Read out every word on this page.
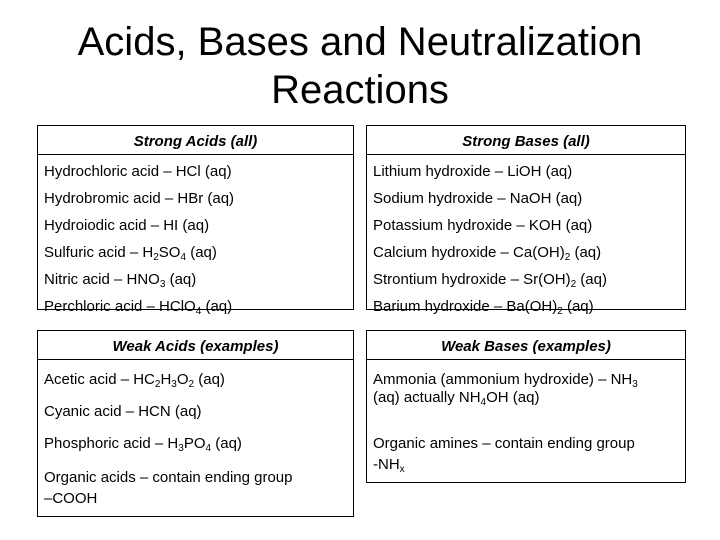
Acids, Bases and Neutralization
Reactions
Strong Acids (all)
Hydrochloric acid – HCl (aq)
Hydrobromic acid – HBr (aq)
Hydroiodic acid – HI (aq)
Sulfuric acid – $H_2SO_4$ (aq)
Nitric acid – $HNO_3$ (aq)
Perchloric acid – HClO$_4$ (aq)
Strong Bases (all)
Lithium hydroxide – LiOH (aq)
Sodium hydroxide – NaOH (aq)
Potassium hydroxide – KOH (aq)
Calcium hydroxide – $Ca(OH)_2$ (aq)
Strontium hydroxide – $Sr(OH)_2$ (aq)
Barium hydroxide – $Ba(OH)_2$ (aq)
Weak Acids (examples)
Acetic acid – $HC_2H_3O_2$ (aq)
Cyanic acid – HCN (aq)
Phosphoric acid – $H_3PO_4$ (aq)
Organic acids – contain ending group
–COOH
Weak Bases (examples)
Ammonia (ammonium hydroxide) – $NH_3$
(aq) actually $NH_4OH$ (aq)
Organic amines – contain ending group
$-NH_x$
